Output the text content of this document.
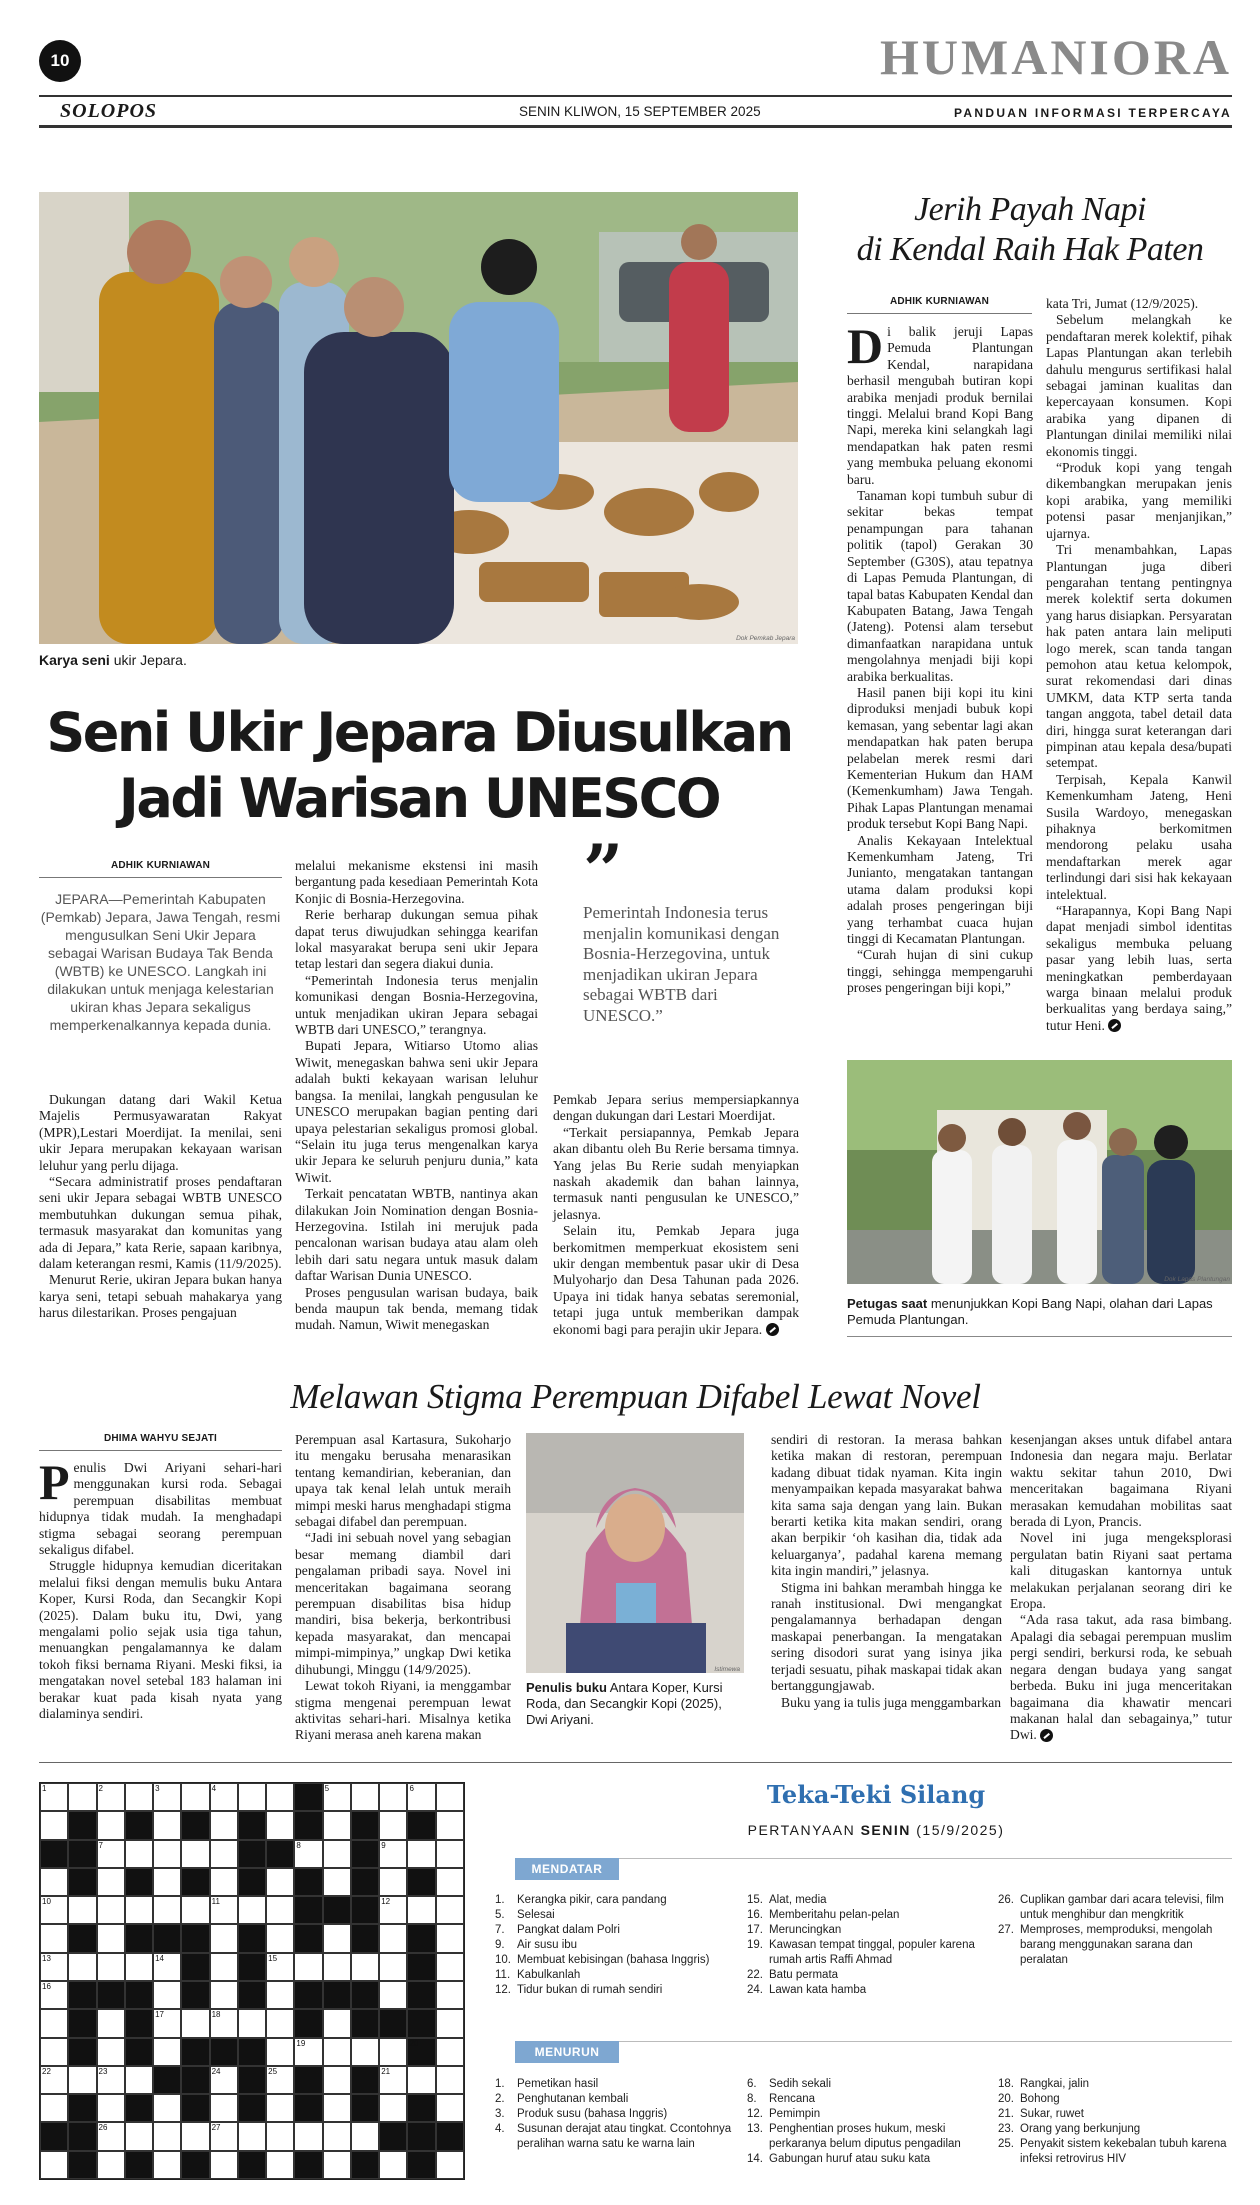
10	HUMANIORA
SOLOPOS	SENIN KLIWON, 15 SEPTEMBER 2025	PANDUAN INFORMASI TERPERCAYA
Dok Pemkab Jepara
Karya seni ukir Jepara.
Seni Ukir Jepara Diusulkan
Jadi Warisan UNESCO
ADHIK KURNIAWAN
JEPARA—Pemerintah Kabupaten (Pemkab) Jepara, Jawa Tengah, resmi mengusulkan Seni Ukir Jepara sebagai Warisan Budaya Tak Benda (WBTB) ke UNESCO. Langkah ini dilakukan untuk menjaga kelestarian ukiran khas Jepara sekaligus memperkenalkannya kepada dunia.

Dukungan datang dari Wakil Ketua Majelis Permusyawaratan Rakyat (MPR),Lestari Moerdijat. Ia menilai, seni ukir Jepara merupakan kekayaan warisan leluhur yang perlu dijaga.

“Secara administratif proses pendaftaran seni ukir Jepara sebagai WBTB UNESCO membutuhkan dukungan semua pihak, termasuk masyarakat dan komunitas yang ada di Jepara,” kata Rerie, sapaan karibnya, dalam keterangan resmi, Kamis (11/9/2025).

Menurut Rerie, ukiran Jepara bukan hanya karya seni, tetapi sebuah mahakarya yang harus dilestarikan. Proses pengajuan

melalui mekanisme ekstensi ini masih bergantung pada kesediaan Pemerintah Kota Konjic di Bosnia-Herzegovina.

Rerie berharap dukungan semua pihak dapat terus diwujudkan sehingga kearifan lokal masyarakat berupa seni ukir Jepara tetap lestari dan segera diakui dunia.

“Pemerintah Indonesia terus menjalin komunikasi dengan Bosnia-Herzegovina, untuk menjadikan ukiran Jepara sebagai WBTB dari UNESCO,” terangnya.

Bupati Jepara, Witiarso Utomo alias Wiwit, menegaskan bahwa seni ukir Jepara adalah bukti kekayaan warisan leluhur bangsa. Ia menilai, langkah pengusulan ke UNESCO merupakan bagian penting dari upaya pelestarian sekaligus promosi global. “Selain itu juga terus mengenalkan karya ukir Jepara ke seluruh penjuru dunia,” kata Wiwit.

Terkait pencatatan WBTB, nantinya akan dilakukan Join Nomination dengan Bosnia-Herzegovina. Istilah ini merujuk pada pencalonan warisan budaya atau alam oleh lebih dari satu negara untuk masuk dalam daftar Warisan Dunia UNESCO.

Proses pengusulan warisan budaya, baik benda maupun tak benda, memang tidak mudah. Namun, Wiwit menegaskan

”
Pemerintah Indonesia terus menjalin komunikasi dengan Bosnia-Herzegovina, untuk menjadikan ukiran Jepara sebagai WBTB dari UNESCO.”

Pemkab Jepara serius mempersiapkannya dengan dukungan dari Lestari Moerdijat.

“Terkait persiapannya, Pemkab Jepara akan dibantu oleh Bu Rerie bersama timnya. Yang jelas Bu Rerie sudah menyiapkan naskah akademik dan bahan lainnya, termasuk nanti pengusulan ke UNESCO,” jelasnya.

Selain itu, Pemkab Jepara juga berkomitmen memperkuat ekosistem seni ukir dengan membentuk pasar ukir di Desa Mulyoharjo dan Desa Tahunan pada 2026. Upaya ini tidak hanya sebatas seremonial, tetapi juga untuk memberikan dampak ekonomi bagi para perajin ukir Jepara.

Jerih Payah Napi
di Kendal Raih Hak Paten
ADHIK KURNIAWAN

Di balik jeruji Lapas Pemuda Plantungan Kendal, narapidana berhasil mengubah butiran kopi arabika menjadi produk bernilai tinggi. Melalui brand Kopi Bang Napi, mereka kini selangkah lagi mendapatkan hak paten resmi yang membuka peluang ekonomi baru.

Tanaman kopi tumbuh subur di sekitar bekas tempat penampungan para tahanan politik (tapol) Gerakan 30 September (G30S), atau tepatnya di Lapas Pemuda Plantungan, di tapal batas Kabupaten Kendal dan Kabupaten Batang, Jawa Tengah (Jateng). Potensi alam tersebut dimanfaatkan narapidana untuk mengolahnya menjadi biji kopi arabika berkualitas.

Hasil panen biji kopi itu kini diproduksi menjadi bubuk kopi kemasan, yang sebentar lagi akan mendapatkan hak paten berupa pelabelan merek resmi dari Kementerian Hukum dan HAM (Kemenkumham) Jawa Tengah. Pihak Lapas Plantungan menamai produk tersebut Kopi Bang Napi.

Analis Kekayaan Intelektual Kemenkumham Jateng, Tri Junianto, mengatakan tantangan utama dalam produksi kopi adalah proses pengeringan biji yang terhambat cuaca hujan tinggi di Kecamatan Plantungan.

“Curah hujan di sini cukup tinggi, sehingga mempengaruhi proses pengeringan biji kopi,”

kata Tri, Jumat (12/9/2025).

Sebelum melangkah ke pendaftaran merek kolektif, pihak Lapas Plantungan akan terlebih dahulu mengurus sertifikasi halal sebagai jaminan kualitas dan kepercayaan konsumen. Kopi arabika yang dipanen di Plantungan dinilai memiliki nilai ekonomis tinggi.

“Produk kopi yang tengah dikembangkan merupakan jenis kopi arabika, yang memiliki potensi pasar menjanjikan,” ujarnya.

Tri menambahkan, Lapas Plantungan juga diberi pengarahan tentang pentingnya merek kolektif serta dokumen yang harus disiapkan. Persyaratan hak paten antara lain meliputi logo merek, scan tanda tangan pemohon atau ketua kelompok, surat rekomendasi dari dinas UMKM, data KTP serta tanda tangan anggota, tabel detail data diri, hingga surat keterangan dari pimpinan atau kepala desa/bupati setempat.

Terpisah, Kepala Kanwil Kemenkumham Jateng, Heni Susila Wardoyo, menegaskan pihaknya berkomitmen mendorong pelaku usaha mendaftarkan merek agar terlindungi dari sisi hak kekayaan intelektual.

“Harapannya, Kopi Bang Napi dapat menjadi simbol identitas sekaligus membuka peluang pasar yang lebih luas, serta meningkatkan pemberdayaan warga binaan melalui produk berkualitas yang berdaya saing,” tutur Heni.

Dok Lapas Plantungan
Petugas saat menunjukkan Kopi Bang Napi, olahan dari Lapas Pemuda Plantungan.
Melawan Stigma Perempuan Difabel Lewat Novel
DHIMA WAHYU SEJATI

Penulis Dwi Ariyani sehari-hari menggunakan kursi roda. Sebagai perempuan disabilitas membuat hidupnya tidak mudah. Ia menghadapi stigma sebagai seorang perempuan sekaligus difabel.

Struggle hidupnya kemudian diceritakan melalui fiksi dengan memulis buku Antara Koper, Kursi Roda, dan Secangkir Kopi (2025). Dalam buku itu, Dwi, yang mengalami polio sejak usia tiga tahun, menuangkan pengalamannya ke dalam tokoh fiksi bernama Riyani. Meski fiksi, ia mengatakan novel setebal 183 halaman ini berakar kuat pada kisah nyata yang dialaminya sendiri.

Perempuan asal Kartasura, Sukoharjo itu mengaku berusaha menarasikan tentang kemandirian, keberanian, dan upaya tak kenal lelah untuk meraih mimpi meski harus menghadapi stigma sebagai difabel dan perempuan.

“Jadi ini sebuah novel yang sebagian besar memang diambil dari pengalaman pribadi saya. Novel ini menceritakan bagaimana seorang perempuan disabilitas bisa hidup mandiri, bisa bekerja, berkontribusi kepada masyarakat, dan mencapai mimpi-mimpinya,” ungkap Dwi ketika dihubungi, Minggu (14/9/2025).

Lewat tokoh Riyani, ia menggambar stigma mengenai perempuan lewat aktivitas sehari-hari. Misalnya ketika Riyani merasa aneh karena makan

Istimewa
Penulis buku Antara Koper, Kursi Roda, dan Secangkir Kopi (2025), Dwi Ariyani.

sendiri di restoran. Ia merasa bahkan ketika makan di restoran, perempuan kadang dibuat tidak nyaman. Kita ingin menyampaikan kepada masyarakat bahwa kita sama saja dengan yang lain. Bukan berarti ketika kita makan sendiri, orang akan berpikir ‘oh kasihan dia, tidak ada keluarganya’, padahal karena memang kita ingin mandiri,” jelasnya.

Stigma ini bahkan merambah hingga ke ranah institusional. Dwi mengangkat pengalamannya berhadapan dengan maskapai penerbangan. Ia mengatakan sering disodori surat yang isinya jika terjadi sesuatu, pihak maskapai tidak akan bertanggungjawab.

Buku yang ia tulis juga menggambarkan

kesenjangan akses untuk difabel antara Indonesia dan negara maju. Berlatar waktu sekitar tahun 2010, Dwi menceritakan bagaimana Riyani merasakan kemudahan mobilitas saat berada di Lyon, Prancis.

Novel ini juga mengeksplorasi pergulatan batin Riyani saat pertama kali ditugaskan kantornya untuk melakukan perjalanan seorang diri ke Eropa.

“Ada rasa takut, ada rasa bimbang. Apalagi dia sebagai perempuan muslim pergi sendiri, berkursi roda, ke sebuah negara dengan budaya yang sangat berbeda. Buku ini juga menceritakan bagaimana dia khawatir mencari makanan halal dan sebagainya,” tutur Dwi.

1	2	3	4	5	6
7	8	9
10	11	12
13	14	15
16
17	18
19	20
22	23	24	25	21
26	27
Teka-Teki Silang
PERTANYAAN SENIN (15/9/2025)
MENDATAR
1.	Kerangka pikir, cara pandang
5.	Selesai
7.	Pangkat dalam Polri
9.	Air susu ibu
10. Membuat kebisingan (bahasa Inggris)
11. Kabulkanlah
12. Tidur bukan di rumah sendiri
15. Alat, media
16. Memberitahu pelan-pelan
17. Meruncingkan
19. Kawasan tempat tinggal, populer karena rumah artis Raffi Ahmad
22. Batu permata
24. Lawan kata hamba
26. Cuplikan gambar dari acara televisi, film untuk menghibur dan mengkritik
27. Memproses, memproduksi, mengolah barang menggunakan sarana dan peralatan
MENURUN
1.	Pemetikan hasil
2.	Penghutanan kembali
3.	Produk susu (bahasa Inggris)
4.	Susunan derajat atau tingkat. Ccontohnya peralihan warna satu ke warna lain
6.	Sedih sekali
8.	Rencana
12. Pemimpin
13. Penghentian proses hukum, meski perkaranya belum diputus pengadilan
14. Gabungan huruf atau suku kata
18. Rangkai, jalin
20. Bohong
21. Sukar, ruwet
23. Orang yang berkunjung
25. Penyakit sistem kekebalan tubuh karena infeksi retrovirus HIV
